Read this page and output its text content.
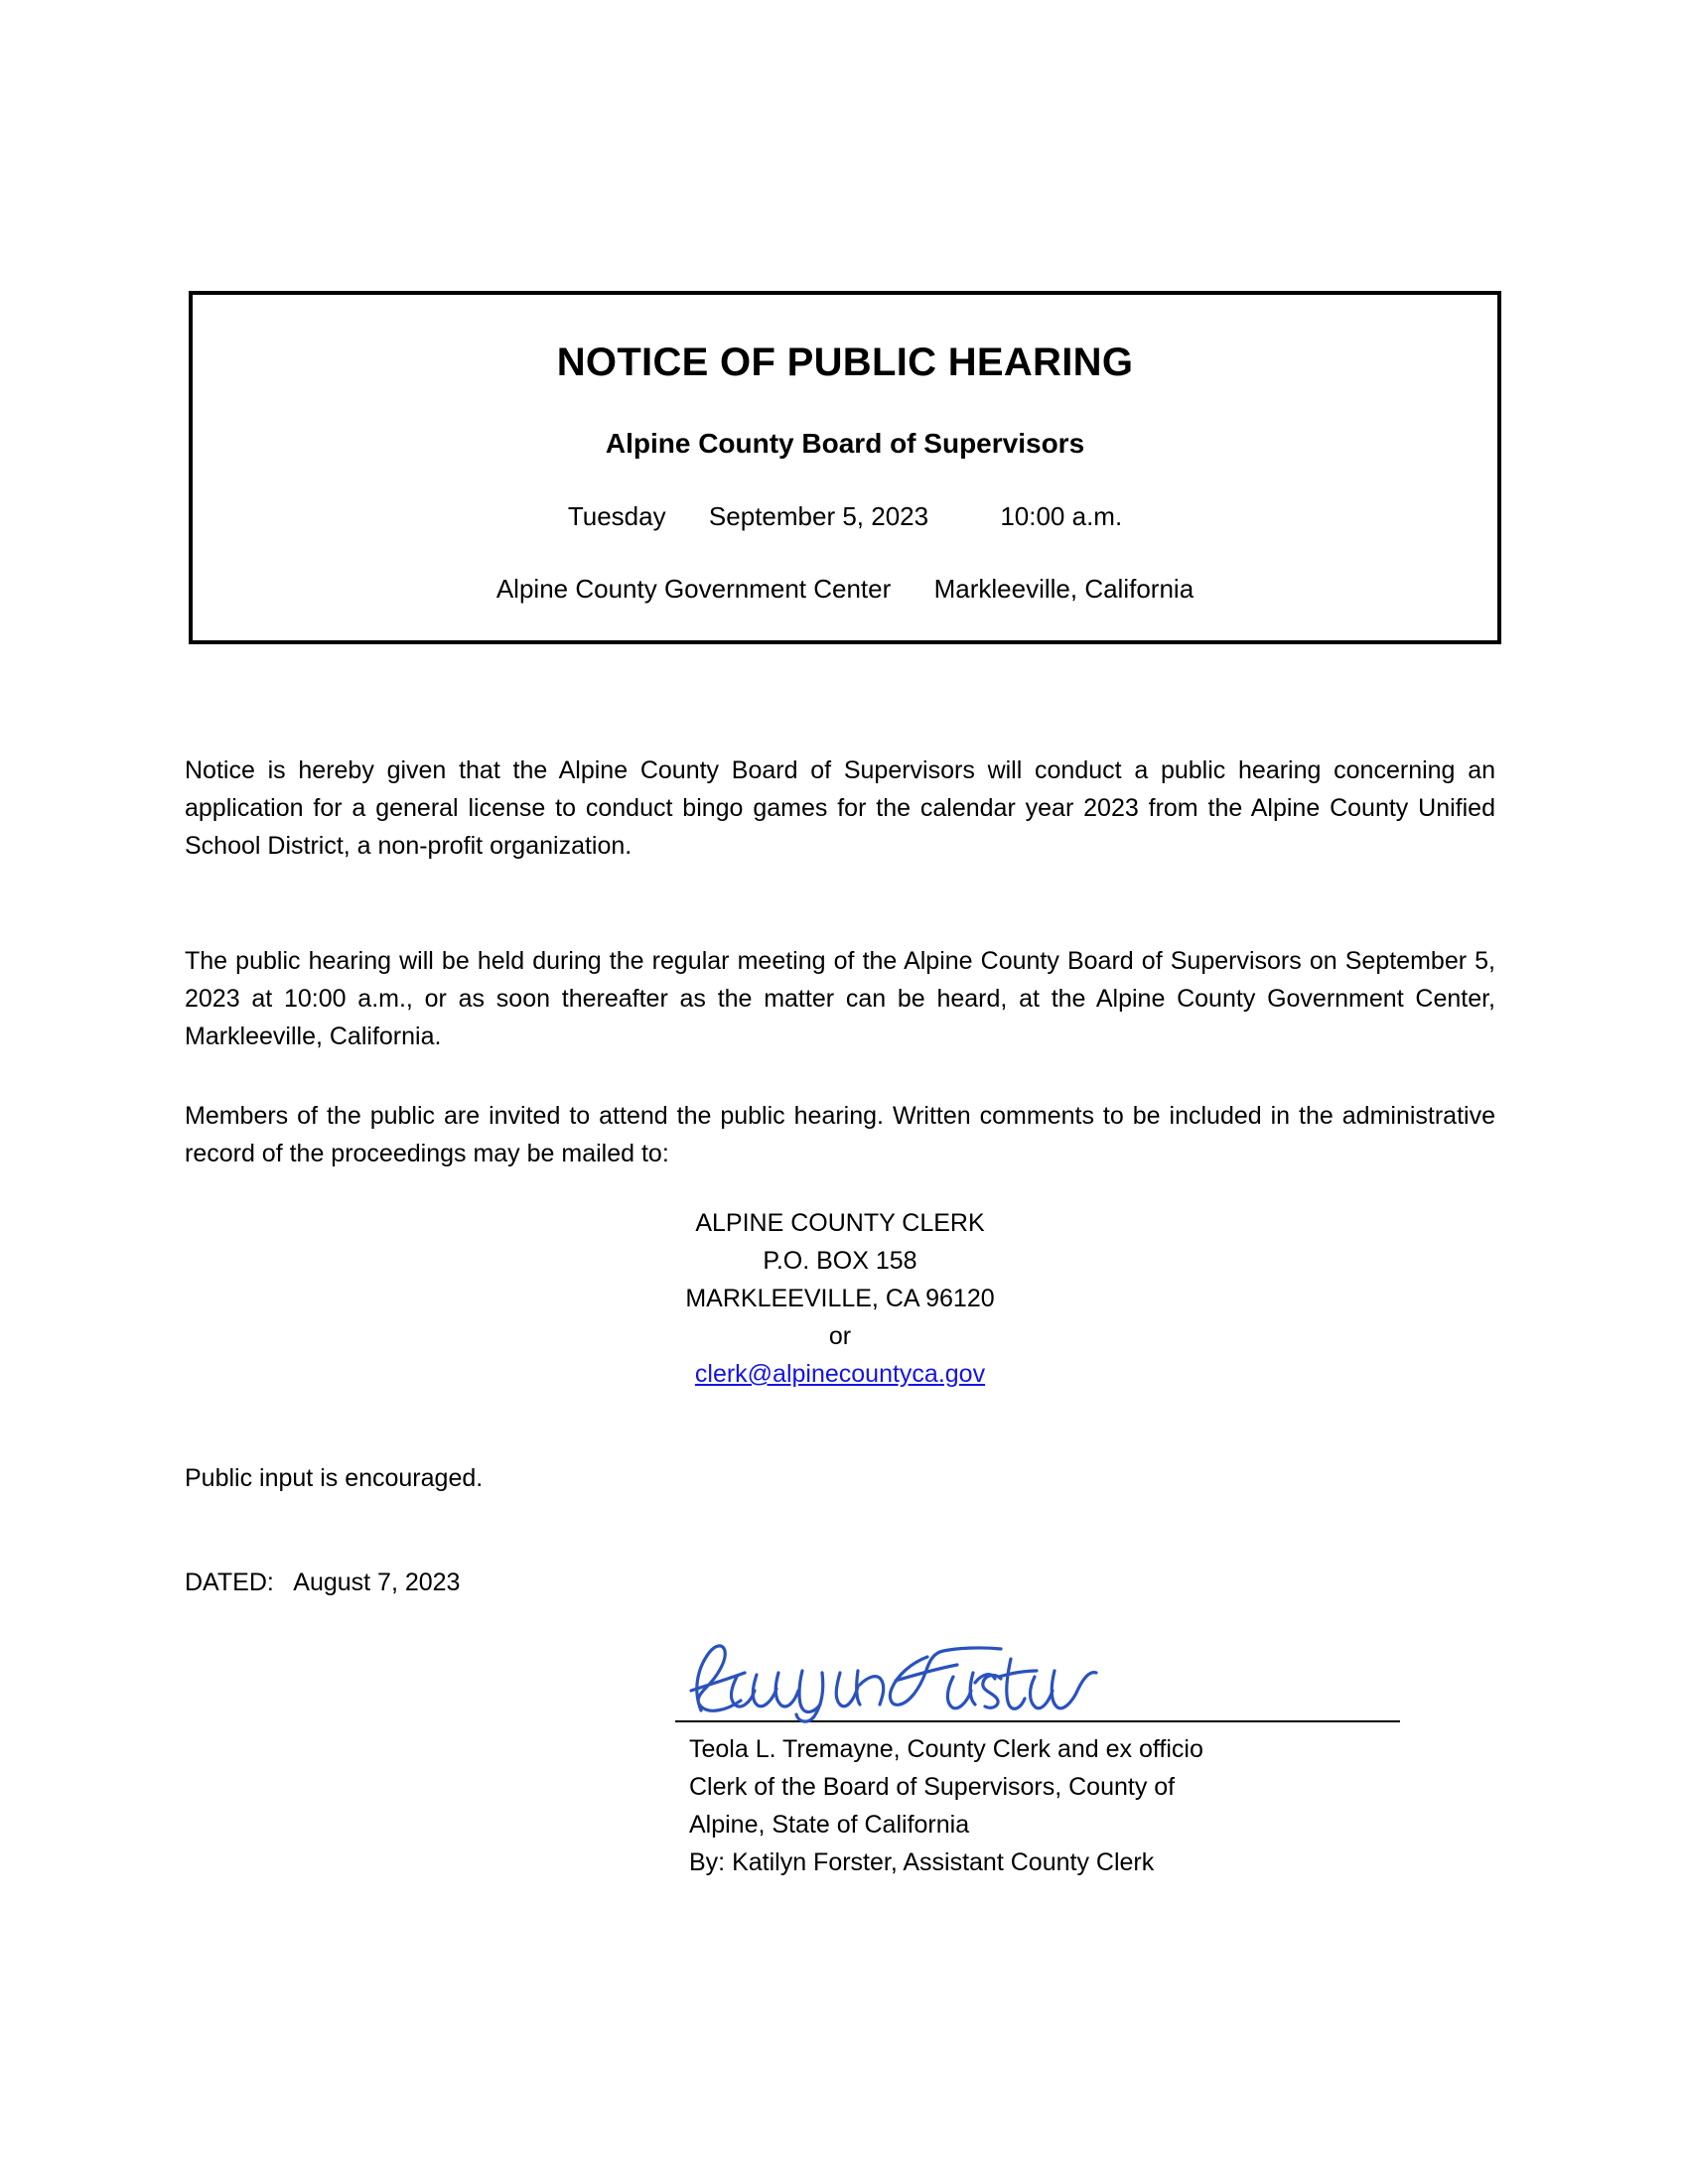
NOTICE OF PUBLIC HEARING
Alpine County Board of Supervisors
Tuesday      September 5, 2023          10:00 a.m.
Alpine County Government Center      Markleeville, California
Notice is hereby given that the Alpine County Board of Supervisors will conduct a public hearing concerning an application for a general license to conduct bingo games for the calendar year 2023 from the Alpine County Unified School District, a non-profit organization.
The public hearing will be held during the regular meeting of the Alpine County Board of Supervisors on September 5, 2023 at 10:00 a.m., or as soon thereafter as the matter can be heard, at the Alpine County Government Center, Markleeville, California.
Members of the public are invited to attend the public hearing. Written comments to be included in the administrative record of the proceedings may be mailed to:
ALPINE COUNTY CLERK
P.O. BOX 158
MARKLEEVILLE, CA 96120
or
clerk@alpinecountyca.gov
Public input is encouraged.
DATED:   August 7, 2023
Teola L. Tremayne, County Clerk and ex officio
Clerk of the Board of Supervisors, County of
Alpine, State of California
By: Katilyn Forster, Assistant County Clerk
